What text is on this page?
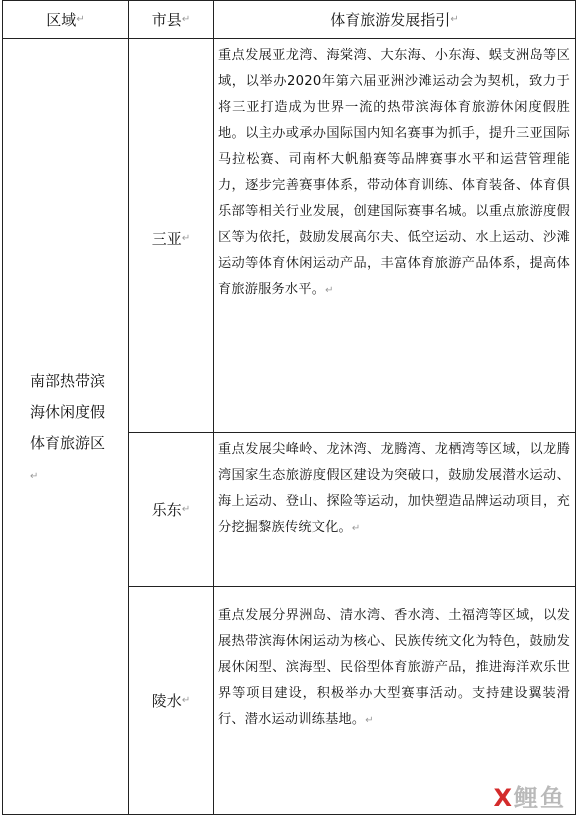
区域 ↵	市县 ↵	体育旅游发展指引 ↵
南部热带滨海休闲度假体育旅游区↵
三亚 ↵
乐东 ↵
陵水 ↵
重点发展亚龙湾、海棠湾、大东海、小东海、蜈支洲岛等区域，以举办2020年第六届亚洲沙滩运动会为契机，致力于将三亚打造成为世界一流的热带滨海体育旅游休闲度假胜地。以主办或承办国际国内知名赛事为抓手，提升三亚国际马拉松赛、司南杯大帆船赛等品牌赛事水平和运营管理能力，逐步完善赛事体系，带动体育训练、体育装备、体育俱乐部等相关行业发展，创建国际赛事名城。以重点旅游度假区等为依托，鼓励发展高尔夫、低空运动、水上运动、沙滩运动等体育休闲运动产品，丰富体育旅游产品体系，提高体育旅游服务水平。↵
重点发展尖峰岭、龙沐湾、龙腾湾、龙栖湾等区域，以龙腾湾国家生态旅游度假区建设为突破口，鼓励发展潜水运动、海上运动、登山、探险等运动，加快塑造品牌运动项目，充分挖掘黎族传统文化。↵
重点发展分界洲岛、清水湾、香水湾、土福湾等区域，以发展热带滨海休闲运动为核心、民族传统文化为特色，鼓励发展休闲型、滨海型、民俗型体育旅游产品，推进海洋欢乐世界等项目建设，积极举办大型赛事活动。支持建设翼装滑行、潜水运动训练基地。↵
X鲤鱼
